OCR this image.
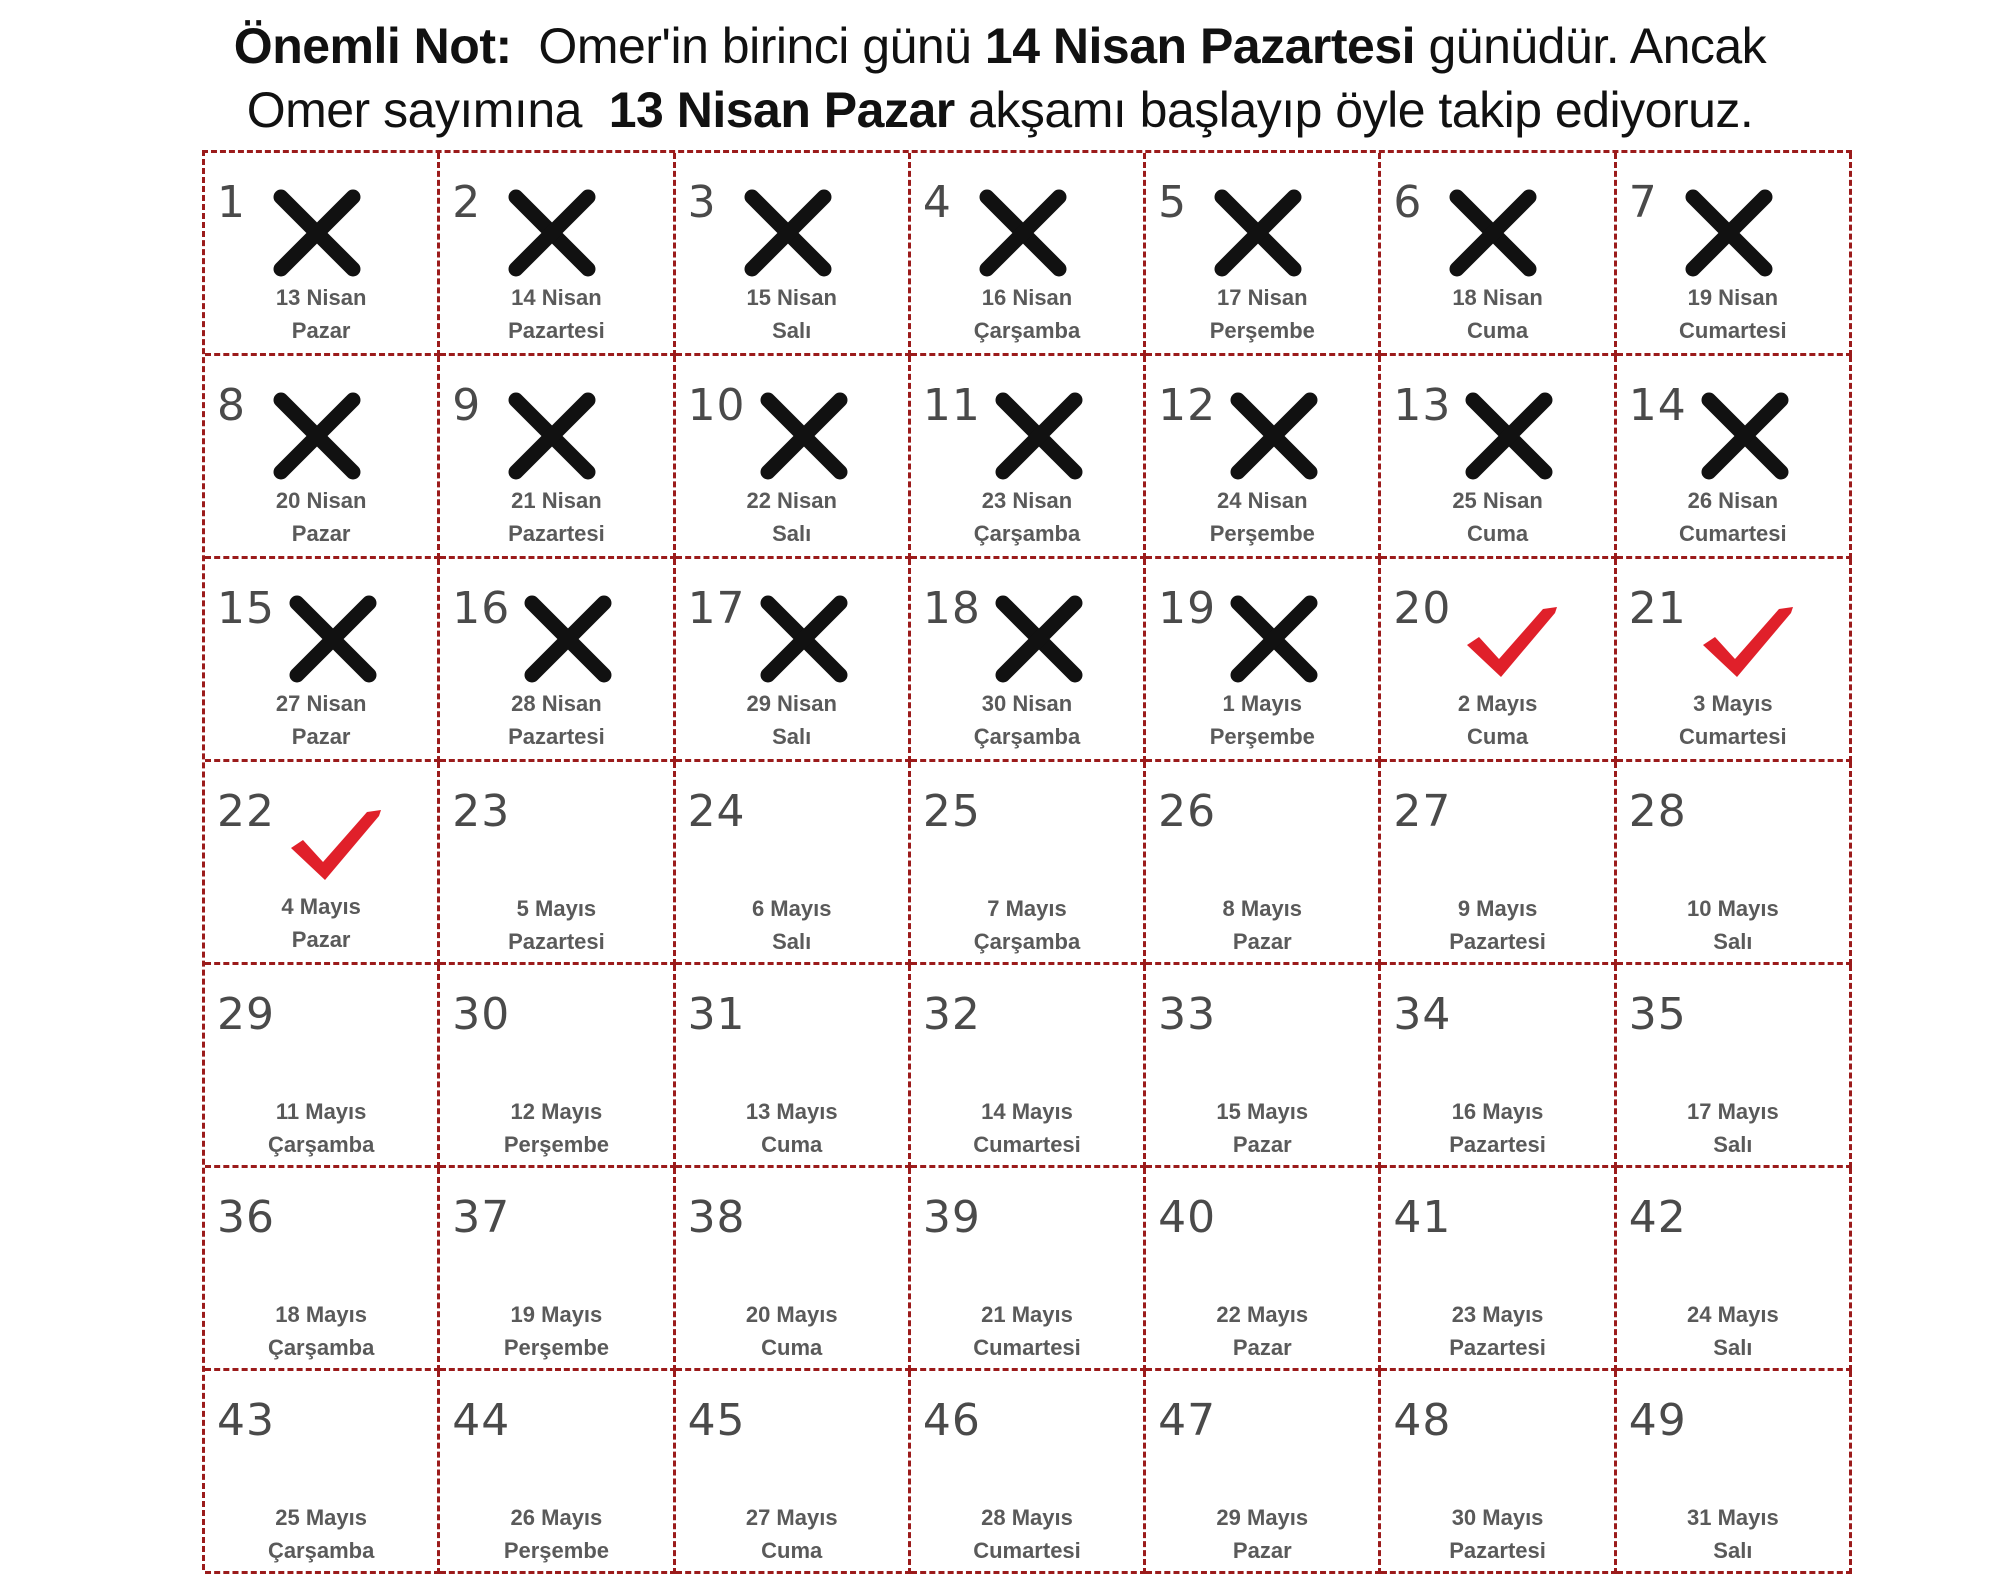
Önemli Not: Omer'in birinci günü 14 Nisan Pazartesi günüdür. Ancak
Omer sayımına 13 Nisan Pazar akşamı başlayıp öyle takip ediyoruz.
1
13 Nisan
Pazar
2
14 Nisan
Pazartesi
3
15 Nisan
Salı
4
16 Nisan
Çarşamba
5
17 Nisan
Perşembe
6
18 Nisan
Cuma
7
19 Nisan
Cumartesi
8
20 Nisan
Pazar
9
21 Nisan
Pazartesi
10
22 Nisan
Salı
11
23 Nisan
Çarşamba
12
24 Nisan
Perşembe
13
25 Nisan
Cuma
14
26 Nisan
Cumartesi
15
27 Nisan
Pazar
16
28 Nisan
Pazartesi
17
29 Nisan
Salı
18
30 Nisan
Çarşamba
19
1 Mayıs
Perşembe
20
2 Mayıs
Cuma
21
3 Mayıs
Cumartesi
22
4 Mayıs
Pazar
23
5 Mayıs
Pazartesi
24
6 Mayıs
Salı
25
7 Mayıs
Çarşamba
26
8 Mayıs
Pazar
27
9 Mayıs
Pazartesi
28
10 Mayıs
Salı
29
11 Mayıs
Çarşamba
30
12 Mayıs
Perşembe
31
13 Mayıs
Cuma
32
14 Mayıs
Cumartesi
33
15 Mayıs
Pazar
34
16 Mayıs
Pazartesi
35
17 Mayıs
Salı
36
18 Mayıs
Çarşamba
37
19 Mayıs
Perşembe
38
20 Mayıs
Cuma
39
21 Mayıs
Cumartesi
40
22 Mayıs
Pazar
41
23 Mayıs
Pazartesi
42
24 Mayıs
Salı
43
25 Mayıs
Çarşamba
44
26 Mayıs
Perşembe
45
27 Mayıs
Cuma
46
28 Mayıs
Cumartesi
47
29 Mayıs
Pazar
48
30 Mayıs
Pazartesi
49
31 Mayıs
Salı
